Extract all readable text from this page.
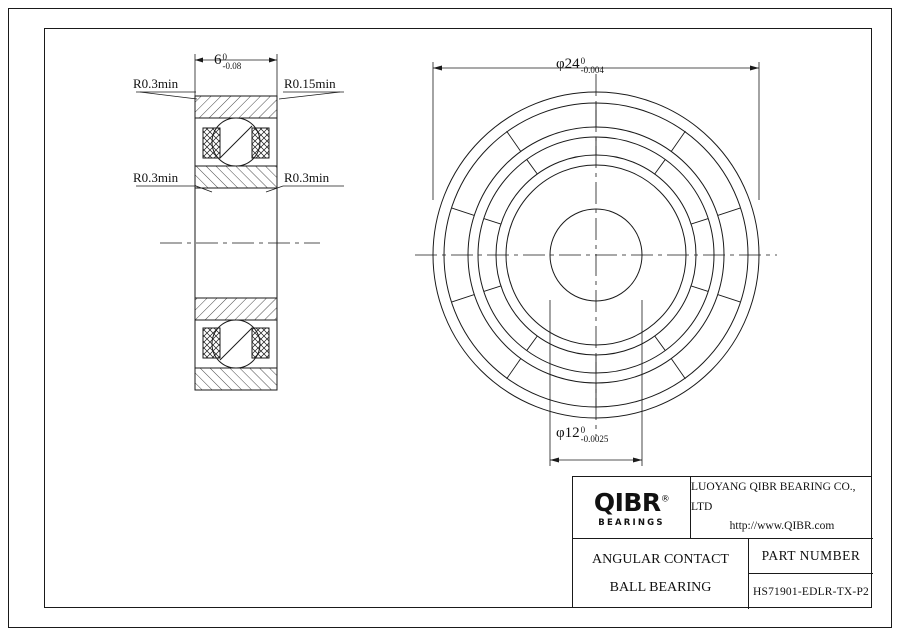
R0.3min	R0.15min
R0.3min	R0.3min
6 0
-0.08	φ24 0
-0.004
φ12 0
-0.0025
QIBR®
BEARINGS
LUOYANG QIBR BEARING CO., LTD
http://www.QIBR.com
ANGULAR CONTACT
BALL BEARING
PART NUMBER
HS71901-EDLR-TX-P2
